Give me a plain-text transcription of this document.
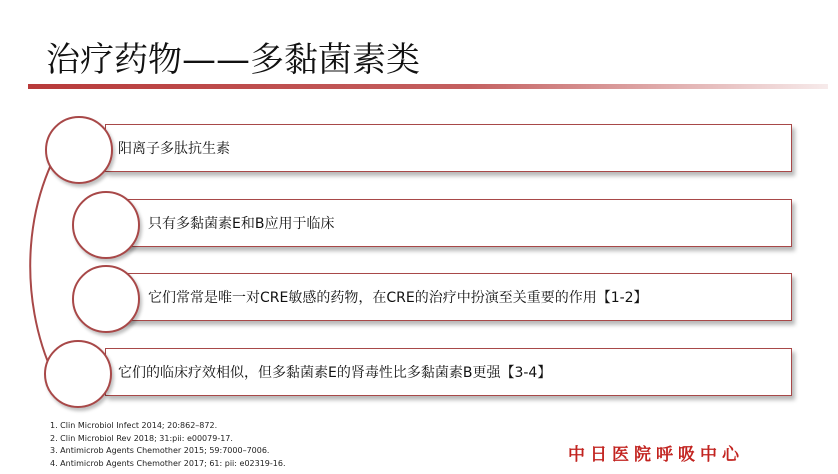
治疗药物——多黏菌素类
阳离子多肽抗生素
只有多黏菌素E和B应用于临床
它们常常是唯一对CRE敏感的药物，在CRE的治疗中扮演至关重要的作用【1-2】
它们的临床疗效相似，但多黏菌素E的肾毒性比多黏菌素B更强【3-4】
1. Clin Microbiol Infect 2014; 20:862–872.
2. Clin Microbiol Rev 2018; 31:pii: e00079-17.
3. Antimicrob Agents Chemother 2015; 59:7000–7006.
4. Antimicrob Agents Chemother 2017; 61: pii: e02319-16.	中日医院呼吸中心
